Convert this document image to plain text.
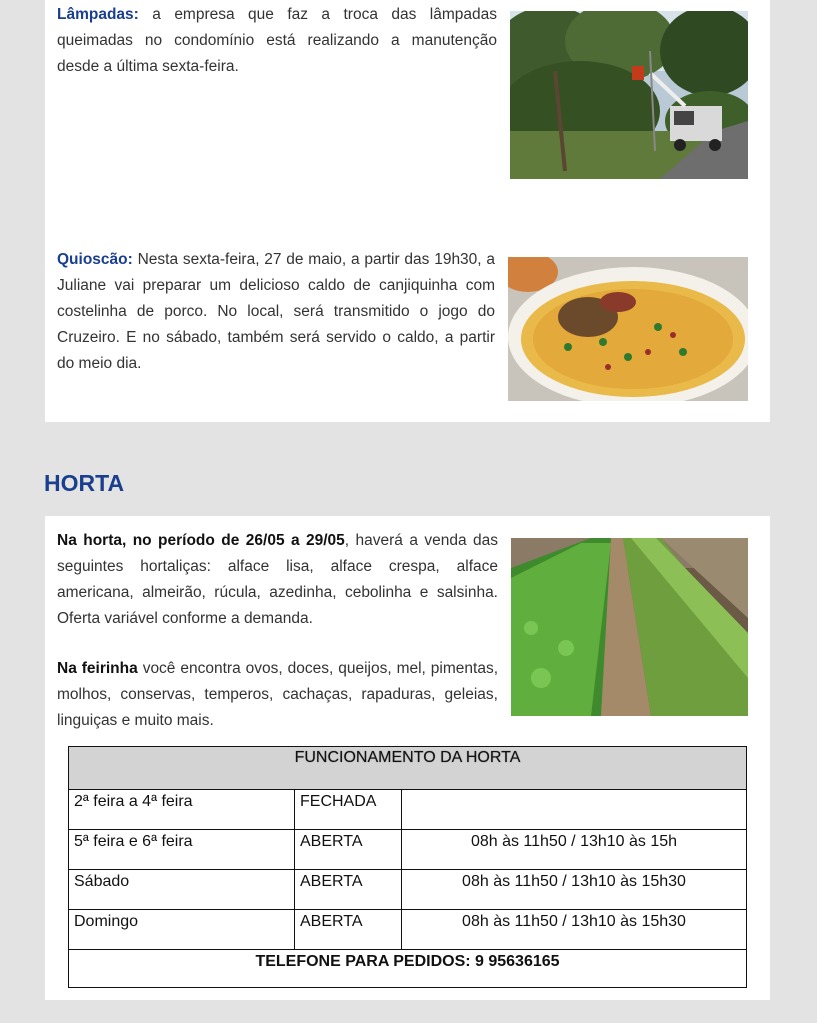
Lâmpadas: a empresa que faz a troca das lâmpadas queimadas no condomínio está realizando a manutenção desde a última sexta-feira.

Quioscão: Nesta sexta-feira, 27 de maio, a partir das 19h30, a Juliane vai preparar um delicioso caldo de canjiquinha com costelinha de porco. No local, será transmitido o jogo do Cruzeiro. E no sábado, também será servido o caldo, a partir do meio dia.

HORTA

Na horta, no período de 26/05 a 29/05, haverá a venda das seguintes hortaliças: alface lisa, alface crespa, alface americana, almeirão, rúcula, azedinha, cebolinha e salsinha. Oferta variável conforme a demanda.

Na feirinha você encontra ovos, doces, queijos, mel, pimentas, molhos, conservas, temperos, cachaças, rapaduras, geleias, linguiças e muito mais.

FUNCIONAMENTO DA HORTA		
2ª feira a 4ª feira	FECHADA	
5ª feira e 6ª feira	ABERTA	08h às 11h50 / 13h10 às 15h
Sábado	ABERTA	08h às 11h50 / 13h10 às 15h30
Domingo	ABERTA	08h às 11h50 / 13h10 às 15h30
TELEFONE PARA PEDIDOS: 9 95636165		
